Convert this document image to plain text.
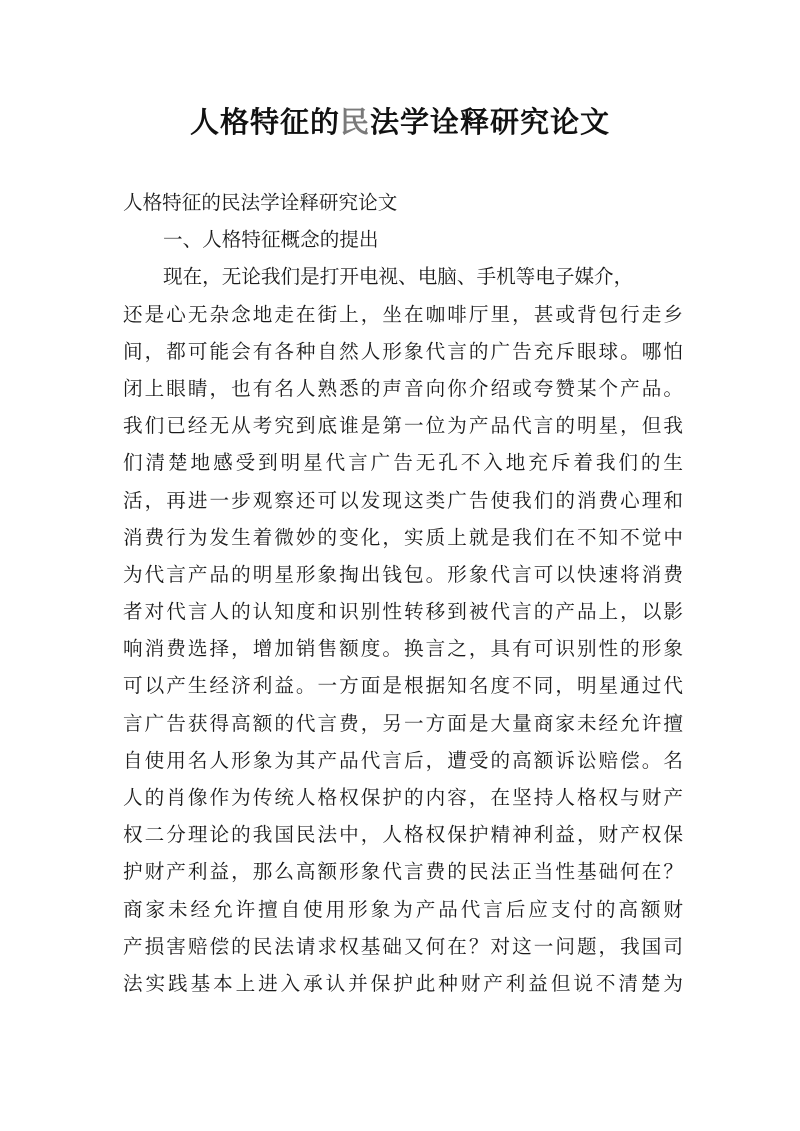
人格特征的民法学诠释研究论文
人格特征的民法学诠释研究论文
一、人格特征概念的提出
现在，无论我们是打开电视、电脑、手机等电子媒介，
还是心无杂念地走在街上，坐在咖啡厅里，甚或背包行走乡
间，都可能会有各种自然人形象代言的广告充斥眼球。哪怕
闭上眼睛，也有名人熟悉的声音向你介绍或夸赞某个产品。
我们已经无从考究到底谁是第一位为产品代言的明星，但我
们清楚地感受到明星代言广告无孔不入地充斥着我们的生
活，再进一步观察还可以发现这类广告使我们的消费心理和
消费行为发生着微妙的变化，实质上就是我们在不知不觉中
为代言产品的明星形象掏出钱包。形象代言可以快速将消费
者对代言人的认知度和识别性转移到被代言的产品上，以影
响消费选择，增加销售额度。换言之，具有可识别性的形象
可以产生经济利益。一方面是根据知名度不同，明星通过代
言广告获得高额的代言费，另一方面是大量商家未经允许擅
自使用名人形象为其产品代言后，遭受的高额诉讼赔偿。名
人的肖像作为传统人格权保护的内容，在坚持人格权与财产
权二分理论的我国民法中，人格权保护精神利益，财产权保
护财产利益，那么高额形象代言费的民法正当性基础何在？
商家未经允许擅自使用形象为产品代言后应支付的高额财
产损害赔偿的民法请求权基础又何在？对这一问题，我国司
法实践基本上进入承认并保护此种财产利益但说不清楚为
